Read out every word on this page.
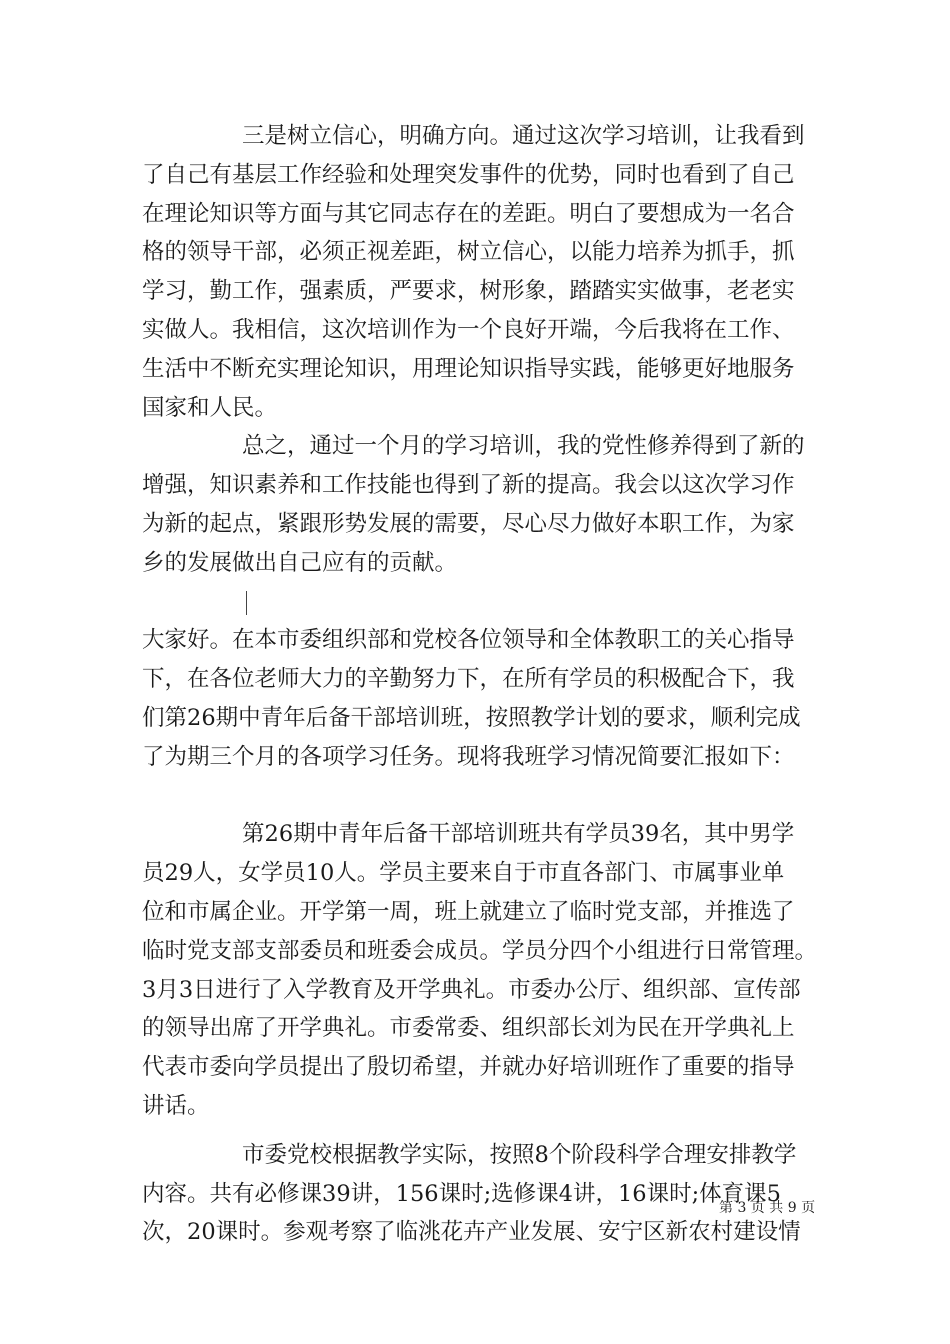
三是树立信心，明确方向。通过这次学习培训，让我看到
了自己有基层工作经验和处理突发事件的优势，同时也看到了自己
在理论知识等方面与其它同志存在的差距。明白了要想成为一名合
格的领导干部，必须正视差距，树立信心，以能力培养为抓手，抓
学习，勤工作，强素质，严要求，树形象，踏踏实实做事，老老实
实做人。我相信，这次培训作为一个良好开端，今后我将在工作、
生活中不断充实理论知识，用理论知识指导实践，能够更好地服务
国家和人民。
总之，通过一个月的学习培训，我的党性修养得到了新的
增强，知识素养和工作技能也得到了新的提高。我会以这次学习作
为新的起点，紧跟形势发展的需要，尽心尽力做好本职工作，为家
乡的发展做出自己应有的贡献。
大家好。在本市委组织部和党校各位领导和全体教职工的关心指导
下，在各位老师大力的辛勤努力下，在所有学员的积极配合下，我
们第26期中青年后备干部培训班，按照教学计划的要求，顺利完成
了为期三个月的各项学习任务。现将我班学习情况简要汇报如下：
第26期中青年后备干部培训班共有学员39名，其中男学
员29人，女学员10人。学员主要来自于市直各部门、市属事业单
位和市属企业。开学第一周，班上就建立了临时党支部，并推选了
临时党支部支部委员和班委会成员。学员分四个小组进行日常管理。
3月3日进行了入学教育及开学典礼。市委办公厅、组织部、宣传部
的领导出席了开学典礼。市委常委、组织部长刘为民在开学典礼上
代表市委向学员提出了殷切希望，并就办好培训班作了重要的指导
讲话。
市委党校根据教学实际，按照8个阶段科学合理安排教学
内容。共有必修课39讲，156课时;选修课4讲，16课时;体育课5
次，20课时。参观考察了临洮花卉产业发展、安宁区新农村建设情
第 3 页 共 9 页
